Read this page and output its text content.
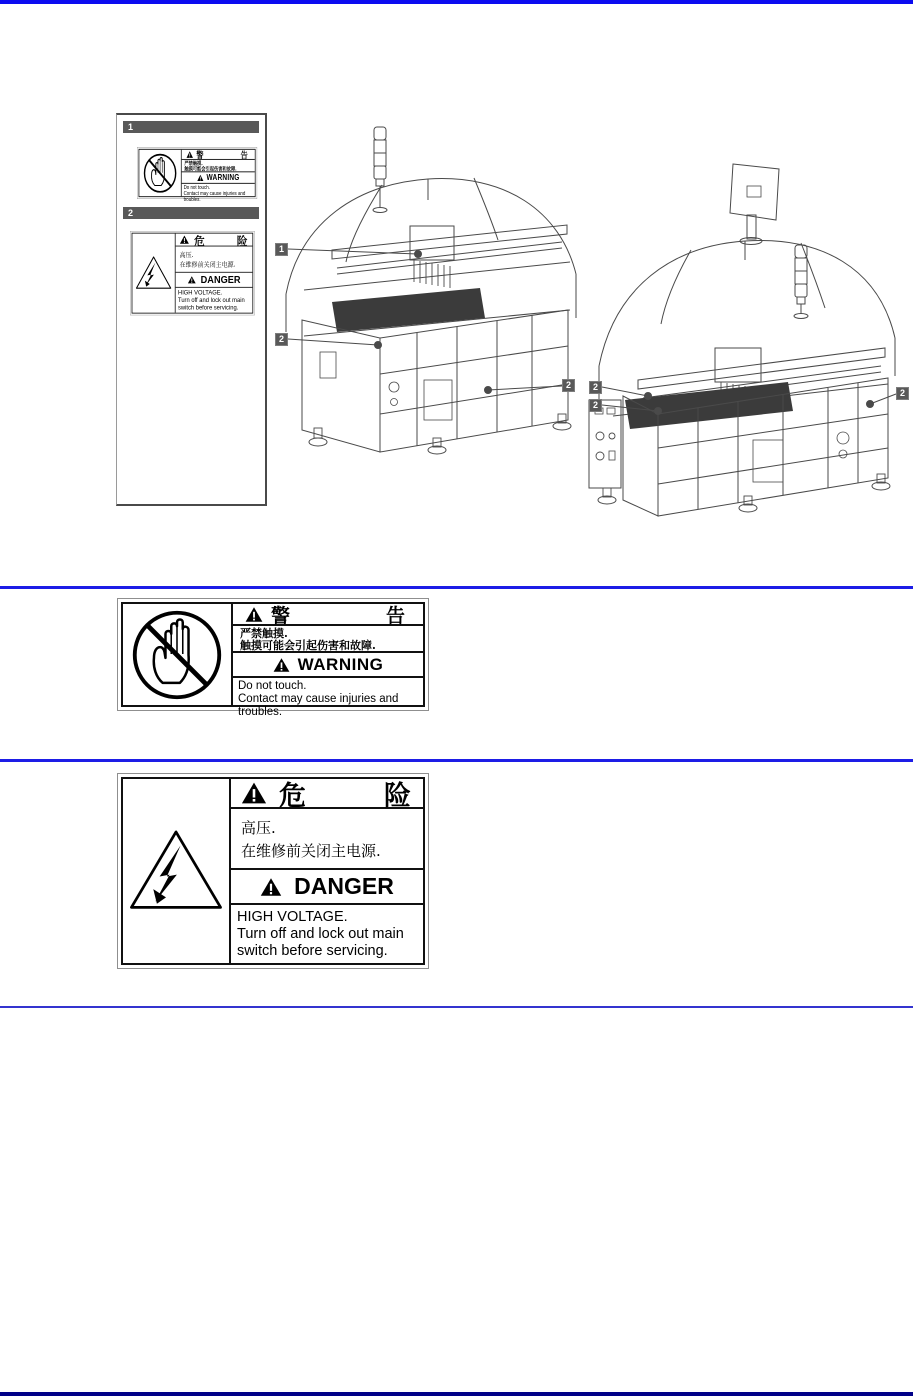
1
警 告
严禁触摸.
触摸可能会引起伤害和故障.
WARNING
Do not touch.
Contact may cause injuries and troubles.
2
危 险
高压.
在维修前关闭主电源.
DANGER
HIGH VOLTAGE.
Turn off and lock out main
switch before servicing.
1
2
2 2
2
2
警	告
严禁触摸.
触摸可能会引起伤害和故障.
WARNING
Do not touch.
Contact may cause injuries and troubles.
危	险
高压.
在维修前关闭主电源.
DANGER
HIGH VOLTAGE.
Turn off and lock out main
switch before servicing.
